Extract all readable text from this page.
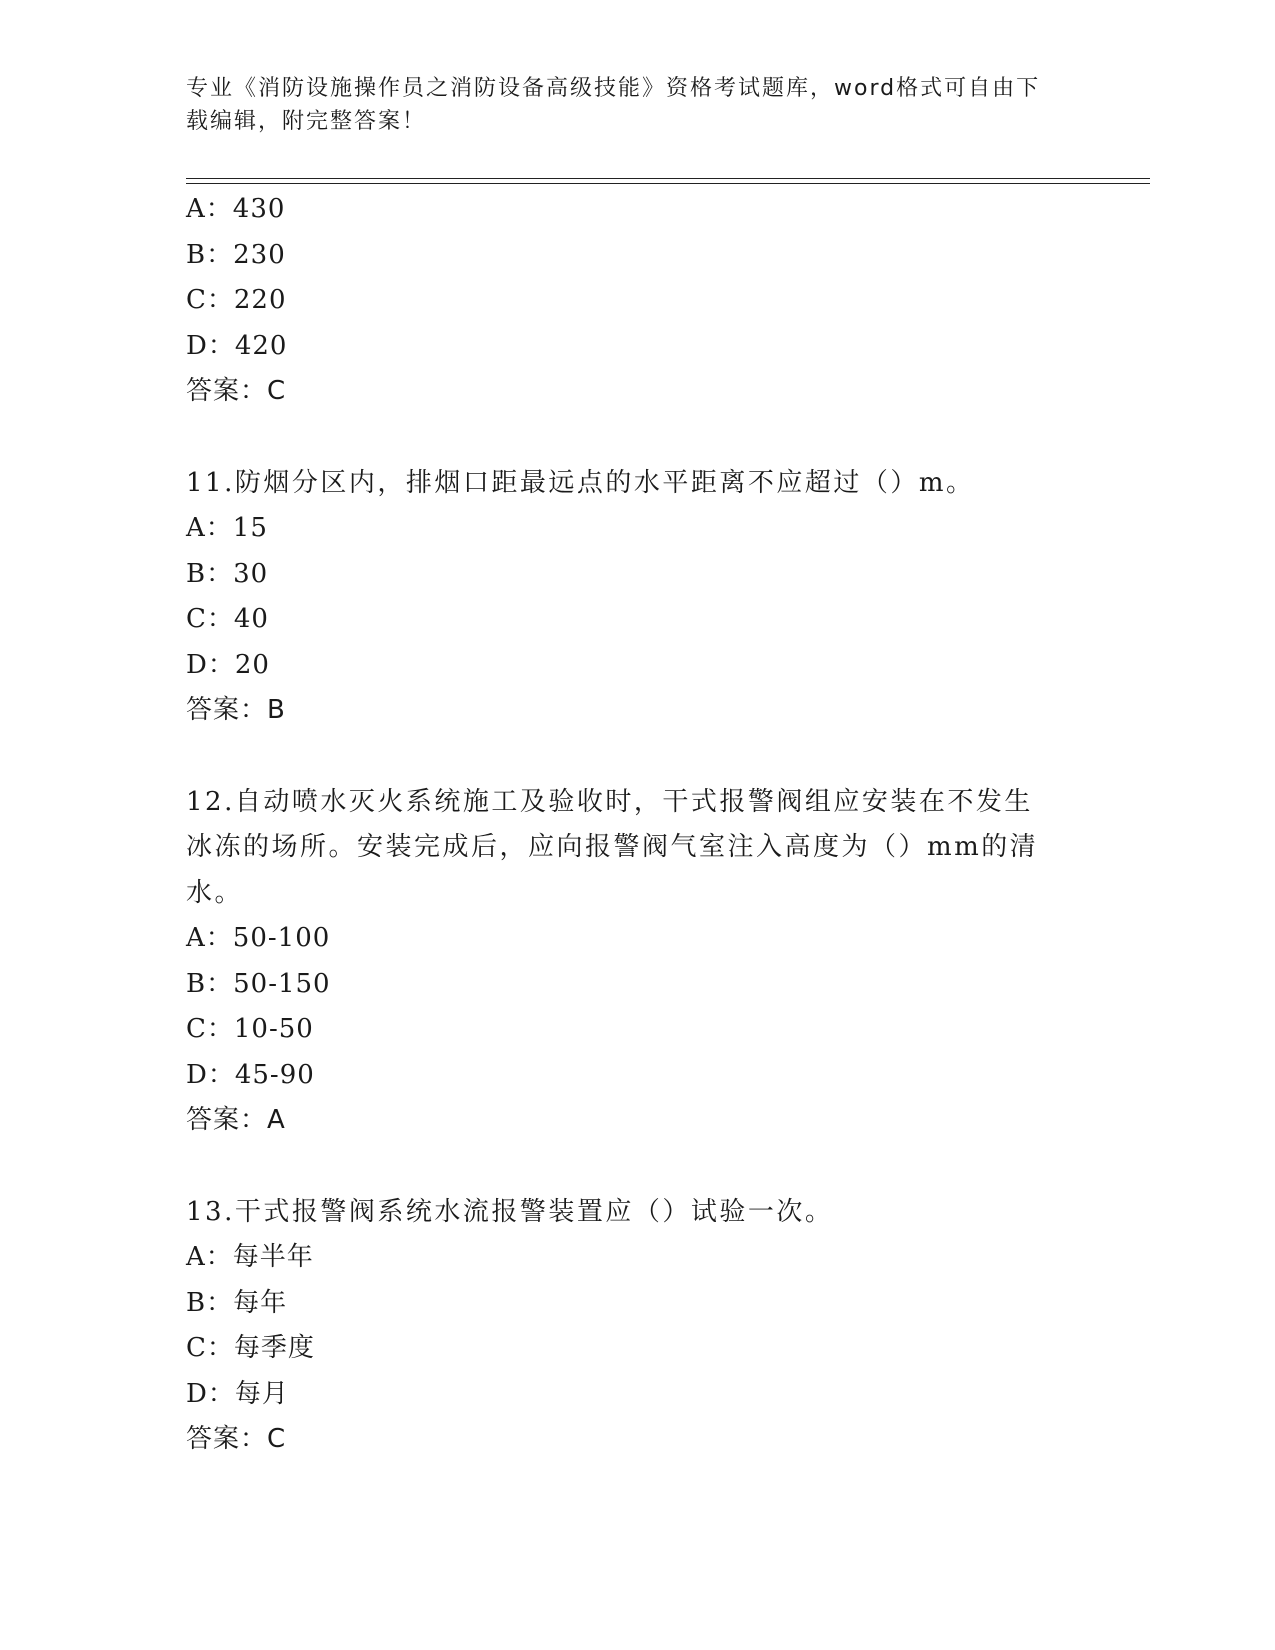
专业《消防设施操作员之消防设备高级技能》资格考试题库，word格式可自由下
载编辑，附完整答案！
A：430
B：230
C：220
D：420
答案：C
11.防烟分区内，排烟口距最远点的水平距离不应超过（）m。
A：15
B：30
C：40
D：20
答案：B
12.自动喷水灭火系统施工及验收时，干式报警阀组应安装在不发生冰冻的场所。安装完成后，应向报警阀气室注入高度为（）mm的清水。
A：50-100
B：50-150
C：10-50
D：45-90
答案：A
13.干式报警阀系统水流报警装置应（）试验一次。
A：每半年
B：每年
C：每季度
D：每月
答案：C
